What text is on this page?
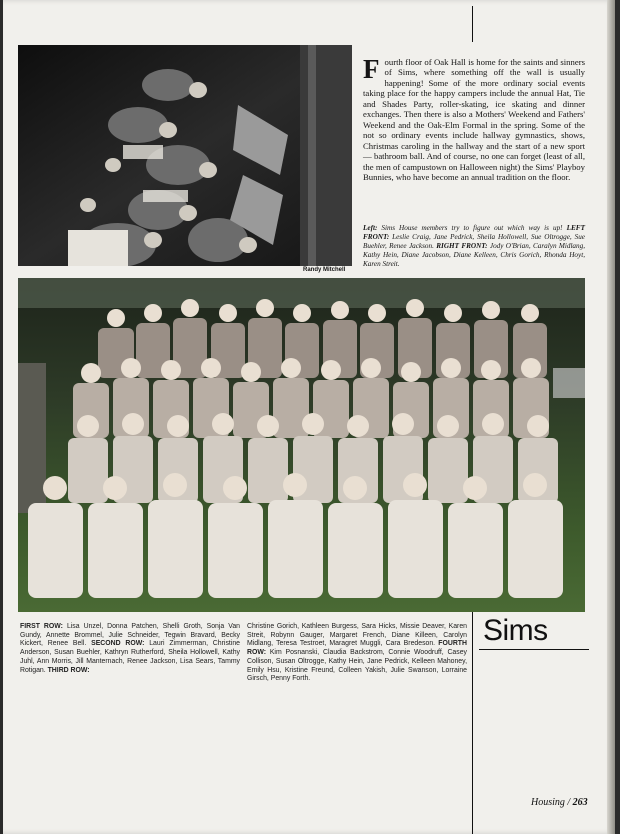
Randy Mitchell
F ourth floor of Oak Hall is home for the saints and sinners of Sims, where something off the wall is usually happening! Some of the more ordinary social events taking place for the happy campers include the annual Hat, Tie and Shades Party, roller-skating, ice skating and dinner exchanges. Then there is also a Mothers' Weekend and Fathers' Weekend and the Oak-Elm Formal in the spring. Some of the not so ordinary events include hallway gymnastics, shows, Christmas caroling in the hallway and the start of a new sport — bathroom ball. And of course, no one can forget (least of all, the men of campustown on Halloween night) the Sims' Playboy Bunnies, who have become an annual tradition on the floor.

Left: Sims House members try to figure out which way is up! LEFT FRONT: Leslie Craig, Jane Pedrick, Sheila Hollowell, Sue Oltrogge, Sue Buehler, Renee Jackson. RIGHT FRONT: Jody O'Brian, Caralyn Midlang, Kathy Hein, Diane Jacobson, Diane Kelleen, Chris Gorich, Rhonda Hoyt, Karen Streit.
FIRST ROW: Lisa Unzel, Donna Patchen, Shelli Groth, Sonja Van Gundy, Annette Brommel, Julie Schneider, Tegwin Bravard, Becky Kickert, Renee Bell. SECOND ROW: Lauri Zimmerman, Christine Anderson, Susan Buehler, Kathryn Rutherford, Sheila Hollowell, Kathy Juhl, Ann Morris, Jill Manternach, Renee Jackson, Lisa Sears, Tammy Rotigan. THIRD ROW:
Christine Gorich, Kathleen Burgess, Sara Hicks, Missie Deaver, Karen Streit, Robynn Gauger, Margaret French, Diane Killeen, Carolyn Midlang, Teresa Testroet, Maragret Muggli, Cara Bredeson. FOURTH ROW: Kim Posnanski, Claudia Backstrom, Connie Woodruff, Casey Collison, Susan Oltrogge, Kathy Hein, Jane Pedrick, Kelleen Mahoney, Emily Hsu, Kristine Freund, Colleen Yakish, Julie Swanson, Lorraine Girsch, Penny Forth.
Sims
Housing / 263
